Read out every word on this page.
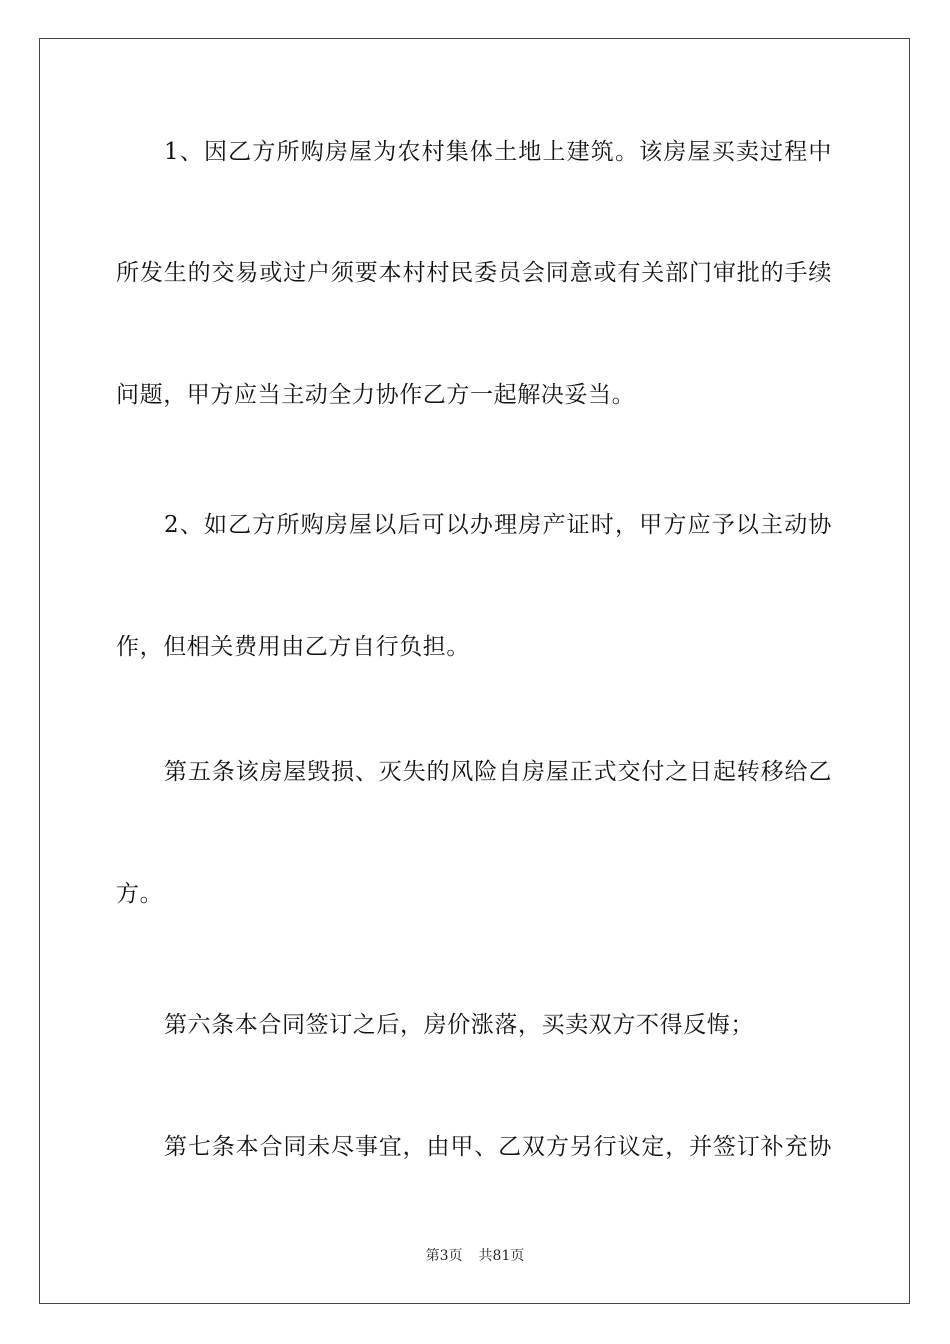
1、因乙方所购房屋为农村集体土地上建筑。该房屋买卖过程中
所发生的交易或过户须要本村村民委员会同意或有关部门审批的手续
问题，甲方应当主动全力协作乙方一起解决妥当。
2、如乙方所购房屋以后可以办理房产证时，甲方应予以主动协
作，但相关费用由乙方自行负担。
第五条该房屋毁损、灭失的风险自房屋正式交付之日起转移给乙
方。
第六条本合同签订之后，房价涨落，买卖双方不得反悔；
第七条本合同未尽事宜，由甲、乙双方另行议定，并签订补充协
第3页 共81页
